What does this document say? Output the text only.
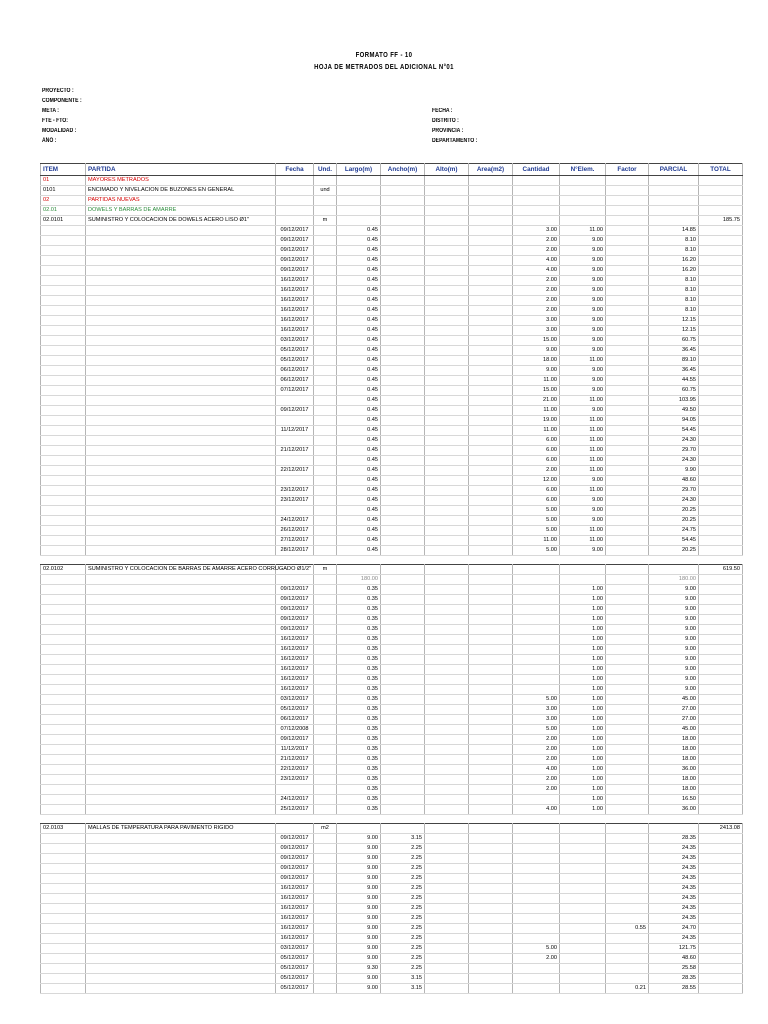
FORMATO FF - 10
HOJA DE METRADOS DEL ADICIONAL N°01
PROYECTO :
COMPONENTE :
META :
FTE - FTO:
MODALIDAD :
AÑO :
FECHA :
DISTRITO :
PROVINCIA :
DEPARTAMENTO :
ITEM	PARTIDA	Fecha	Und.	Largo(m)	Ancho(m)	Alto(m)	Area(m2)	Cantidad	N°Elem.	Factor	PARCIAL	TOTAL
01	MAYORES METRADOS											
0101	ENCIMADO Y NIVELACION DE BUZONES EN GENERAL		und									
02	PARTIDAS NUEVAS											
02.01	DOWELS Y BARRAS DE AMARRE											
02.0101	SUMINISTRO Y COLOCACION DE DOWELS ACERO LISO Ø1"		m									185.75
		09/12/2017		0.45				3.00	11.00		14.85	
		09/12/2017		0.45				2.00	9.00		8.10	
		09/12/2017		0.45				2.00	9.00		8.10	
		09/12/2017		0.45				4.00	9.00		16.20	
		09/12/2017		0.45				4.00	9.00		16.20	
		16/12/2017		0.45				2.00	9.00		8.10	
		16/12/2017		0.45				2.00	9.00		8.10	
		16/12/2017		0.45				2.00	9.00		8.10	
		16/12/2017		0.45				2.00	9.00		8.10	
		16/12/2017		0.45				3.00	9.00		12.15	
		16/12/2017		0.45				3.00	9.00		12.15	
		03/12/2017		0.45				15.00	9.00		60.75	
		05/12/2017		0.45				9.00	9.00		36.45	
		05/12/2017		0.45				18.00	11.00		89.10	
		06/12/2017		0.45				9.00	9.00		36.45	
		06/12/2017		0.45				11.00	9.00		44.55	
		07/12/2017		0.45				15.00	9.00		60.75	
				0.45				21.00	11.00		103.95	
		09/12/2017		0.45				11.00	9.00		49.50	
				0.45				19.00	11.00		94.05	
		11/12/2017		0.45				11.00	11.00		54.45	
				0.45				6.00	11.00		24.30	
		21/12/2017		0.45				6.00	11.00		29.70	
				0.45				6.00	11.00		24.30	
		22/12/2017		0.45				2.00	11.00		9.90	
				0.45				12.00	9.00		48.60	
		23/12/2017		0.45				6.00	11.00		29.70	
		23/12/2017		0.45				6.00	9.00		24.30	
				0.45				5.00	9.00		20.25	
		24/12/2017		0.45				5.00	9.00		20.25	
		26/12/2017		0.45				5.00	11.00		24.75	
		27/12/2017		0.45				11.00	11.00		54.45	
		28/12/2017		0.45				5.00	9.00		20.25	

02.0102	SUMINISTRO Y COLOCACION DE BARRAS DE AMARRE ACERO CORRUGADO Ø1/2"		m									619.50
				180.00							180.00	
		09/12/2017		0.35					1.00		9.00	
		09/12/2017		0.35					1.00		9.00	
		09/12/2017		0.35					1.00		9.00	
		09/12/2017		0.35					1.00		9.00	
		09/12/2017		0.35					1.00		9.00	
		16/12/2017		0.35					1.00		9.00	
		16/12/2017		0.35					1.00		9.00	
		16/12/2017		0.35					1.00		9.00	
		16/12/2017		0.35					1.00		9.00	
		16/12/2017		0.35					1.00		9.00	
		16/12/2017		0.35					1.00		9.00	
		03/12/2017		0.35				5.00	1.00		45.00	
		05/12/2017		0.35				3.00	1.00		27.00	
		06/12/2017		0.35				3.00	1.00		27.00	
		07/12/2008		0.35				5.00	1.00		45.00	
		09/12/2017		0.35				2.00	1.00		18.00	
		11/12/2017		0.35				2.00	1.00		18.00	
		21/12/2017		0.35				2.00	1.00		18.00	
		22/12/2017		0.35				4.00	1.00		36.00	
		23/12/2017		0.35				2.00	1.00		18.00	
				0.35				2.00	1.00		18.00	
		24/12/2017		0.35					1.00		16.50	
		25/12/2017		0.35				4.00	1.00		36.00	

02.0103	MALLAS DE TEMPERATURA PARA PAVIMENTO RIGIDO		m2									2413.08
		09/12/2017		9.00	3.15						28.35	
		09/12/2017		9.00	2.25						24.35	
		09/12/2017		9.00	2.25						24.35	
		09/12/2017		9.00	2.25						24.35	
		09/12/2017		9.00	2.25						24.35	
		16/12/2017		9.00	2.25						24.35	
		16/12/2017		9.00	2.25						24.35	
		16/12/2017		9.00	2.25						24.35	
		16/12/2017		9.00	2.25						24.35	
		16/12/2017		9.00	2.25					0.55	24.70	
		16/12/2017		9.00	2.25						24.35	
		03/12/2017		9.00	2.25			5.00			121.75	
		05/12/2017		9.00	2.25			2.00			48.60	
		05/12/2017		9.30	2.25						25.58	
		05/12/2017		9.00	3.15						28.35	
		05/12/2017		9.00	3.15					0.21	28.55	
